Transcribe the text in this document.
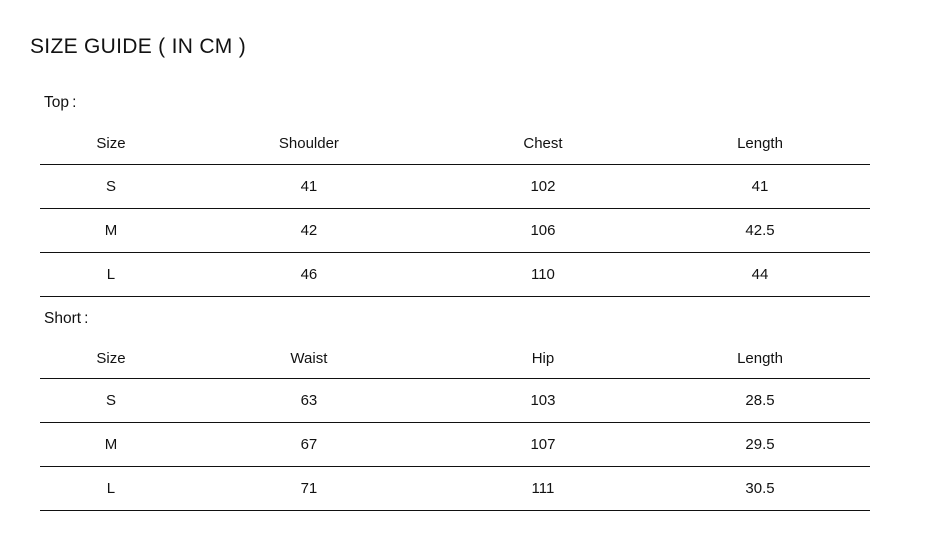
SIZE GUIDE ( IN CM )
Top :
Size	Shoulder	Chest	Length
S	41	102	41
M	42	106	42.5
L	46	110	44
Short :
Size	Waist	Hip	Length
S	63	103	28.5
M	67	107	29.5
L	71	111	30.5
